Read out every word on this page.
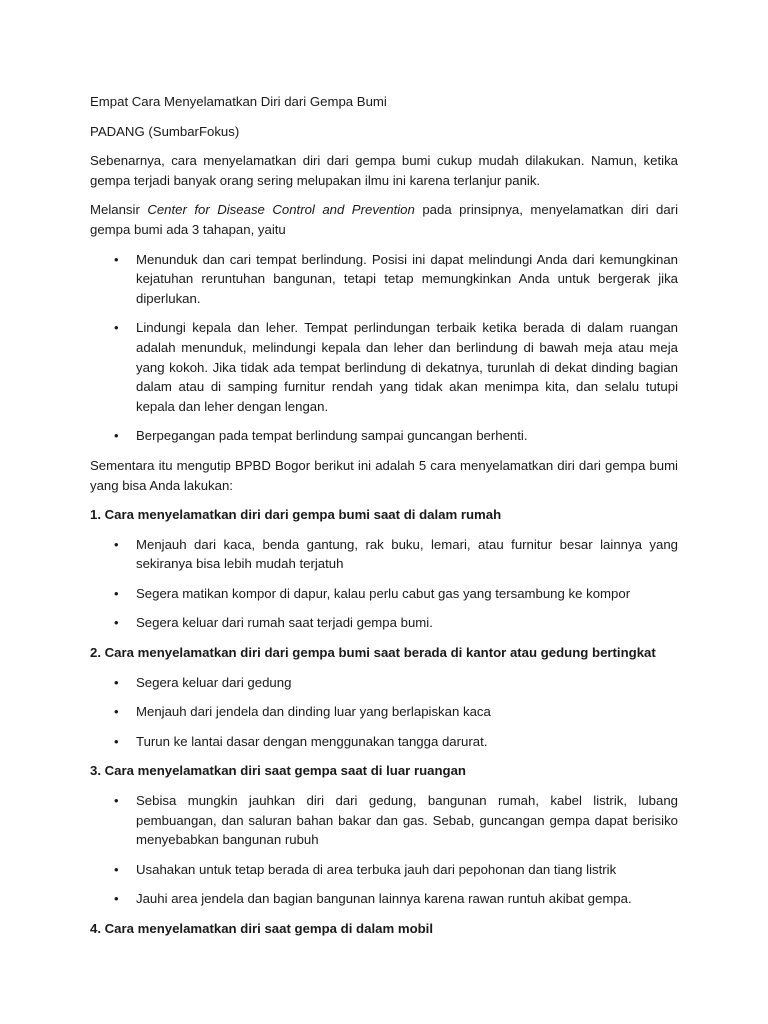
Empat Cara Menyelamatkan Diri dari Gempa Bumi

PADANG (SumbarFokus)

Sebenarnya, cara menyelamatkan diri dari gempa bumi cukup mudah dilakukan. Namun, ketika gempa terjadi banyak orang sering melupakan ilmu ini karena terlanjur panik.

Melansir Center for Disease Control and Prevention pada prinsipnya, menyelamatkan diri dari gempa bumi ada 3 tahapan, yaitu

• Menunduk dan cari tempat berlindung. Posisi ini dapat melindungi Anda dari kemungkinan kejatuhan reruntuhan bangunan, tetapi tetap memungkinkan Anda untuk bergerak jika diperlukan.
• Lindungi kepala dan leher. Tempat perlindungan terbaik ketika berada di dalam ruangan adalah menunduk, melindungi kepala dan leher dan berlindung di bawah meja atau meja yang kokoh. Jika tidak ada tempat berlindung di dekatnya, turunlah di dekat dinding bagian dalam atau di samping furnitur rendah yang tidak akan menimpa kita, dan selalu tutupi kepala dan leher dengan lengan.
• Berpegangan pada tempat berlindung sampai guncangan berhenti.

Sementara itu mengutip BPBD Bogor berikut ini adalah 5 cara menyelamatkan diri dari gempa bumi yang bisa Anda lakukan:

1. Cara menyelamatkan diri dari gempa bumi saat di dalam rumah

• Menjauh dari kaca, benda gantung, rak buku, lemari, atau furnitur besar lainnya yang sekiranya bisa lebih mudah terjatuh
• Segera matikan kompor di dapur, kalau perlu cabut gas yang tersambung ke kompor
• Segera keluar dari rumah saat terjadi gempa bumi.

2. Cara menyelamatkan diri dari gempa bumi saat berada di kantor atau gedung bertingkat

• Segera keluar dari gedung
• Menjauh dari jendela dan dinding luar yang berlapiskan kaca
• Turun ke lantai dasar dengan menggunakan tangga darurat.

3. Cara menyelamatkan diri saat gempa saat di luar ruangan

• Sebisa mungkin jauhkan diri dari gedung, bangunan rumah, kabel listrik, lubang pembuangan, dan saluran bahan bakar dan gas. Sebab, guncangan gempa dapat berisiko menyebabkan bangunan rubuh
• Usahakan untuk tetap berada di area terbuka jauh dari pepohonan dan tiang listrik
• Jauhi area jendela dan bagian bangunan lainnya karena rawan runtuh akibat gempa.

4. Cara menyelamatkan diri saat gempa di dalam mobil
